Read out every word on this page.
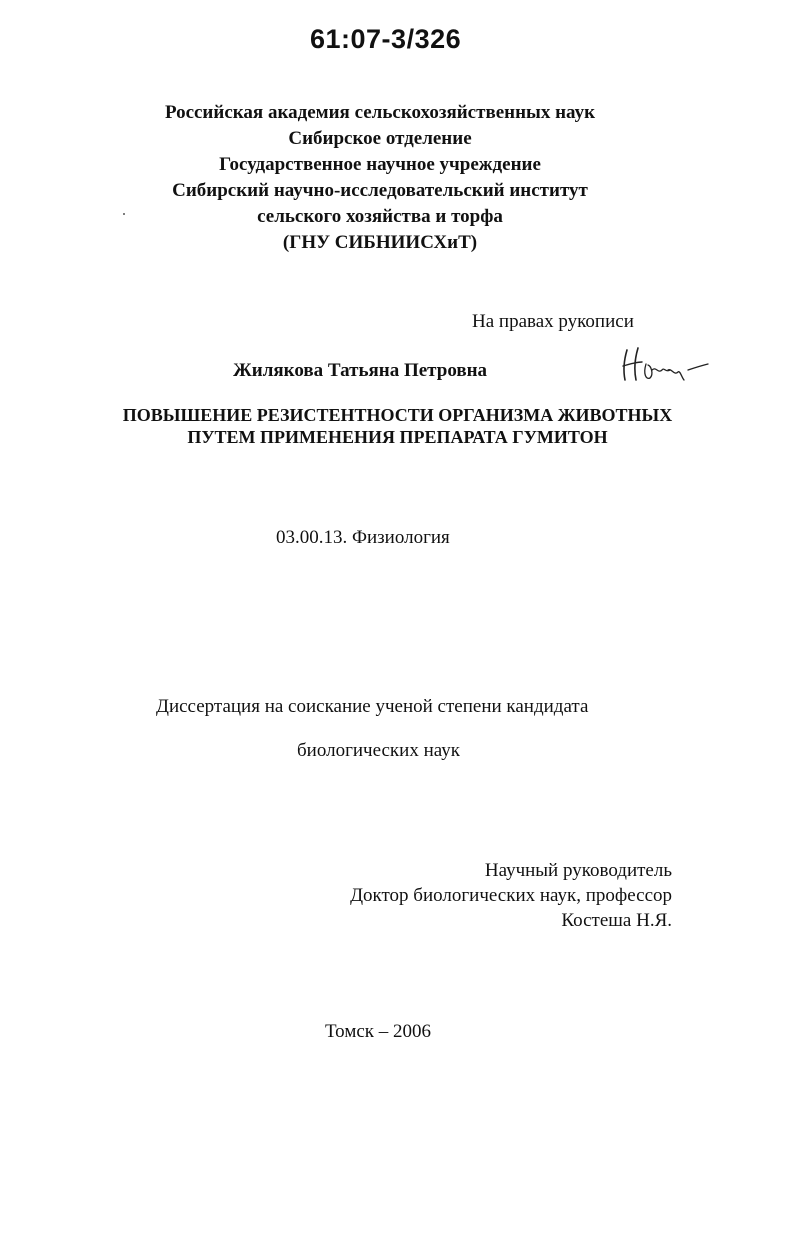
61:07-3/326
Российская академия сельскохозяйственных наук
Сибирское отделение
Государственное научное учреждение
Сибирский научно-исследовательский институт
сельского хозяйства и торфа
(ГНУ СИБНИИСХиТ)
На правах рукописи
Жилякова Татьяна Петровна
ПОВЫШЕНИЕ РЕЗИСТЕНТНОСТИ ОРГАНИЗМА ЖИВОТНЫХ
ПУТЕМ ПРИМЕНЕНИЯ ПРЕПАРАТА ГУМИТОН
03.00.13. Физиология
Диссертация на соискание ученой степени кандидата
биологических наук
Научный руководитель
Доктор биологических наук, профессор
Костеша Н.Я.
Томск – 2006
